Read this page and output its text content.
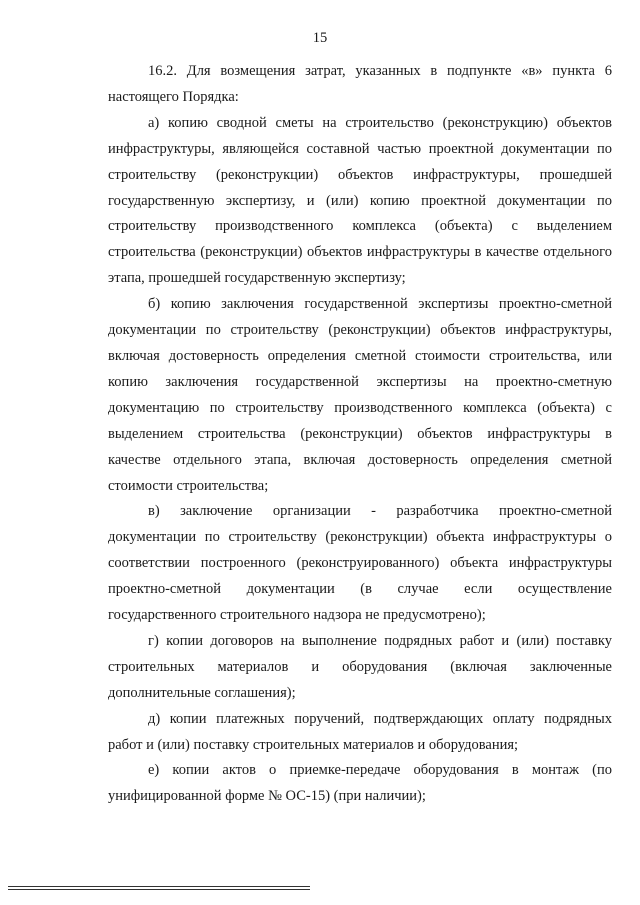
15

16.2. Для возмещения затрат, указанных в подпункте «в» пункта 6 настоящего Порядка:

а) копию сводной сметы на строительство (реконструкцию) объектов инфраструктуры, являющейся составной частью проектной документации по строительству (реконструкции) объектов инфраструктуры, прошедшей государственную экспертизу, и (или) копию проектной документации по строительству производственного комплекса (объекта) с выделением строительства (реконструкции) объектов инфраструктуры в качестве отдельного этапа, прошедшей государственную экспертизу;

б) копию заключения государственной экспертизы проектно-сметной документации по строительству (реконструкции) объектов инфраструктуры, включая достоверность определения сметной стоимости строительства, или копию заключения государственной экспертизы на проектно-сметную документацию по строительству производственного комплекса (объекта) с выделением строительства (реконструкции) объектов инфраструктуры в качестве отдельного этапа, включая достоверность определения сметной стоимости строительства;

в) заключение организации - разработчика проектно-сметной документации по строительству (реконструкции) объекта инфраструктуры о соответствии построенного (реконструированного) объекта инфраструктуры проектно-сметной документации (в случае если осуществление государственного строительного надзора не предусмотрено);

г) копии договоров на выполнение подрядных работ и (или) поставку строительных материалов и оборудования (включая заключенные дополнительные соглашения);

д) копии платежных поручений, подтверждающих оплату подрядных работ и (или) поставку строительных материалов и оборудования;

е) копии актов о приемке-передаче оборудования в монтаж (по унифицированной форме № ОС-15) (при наличии);
